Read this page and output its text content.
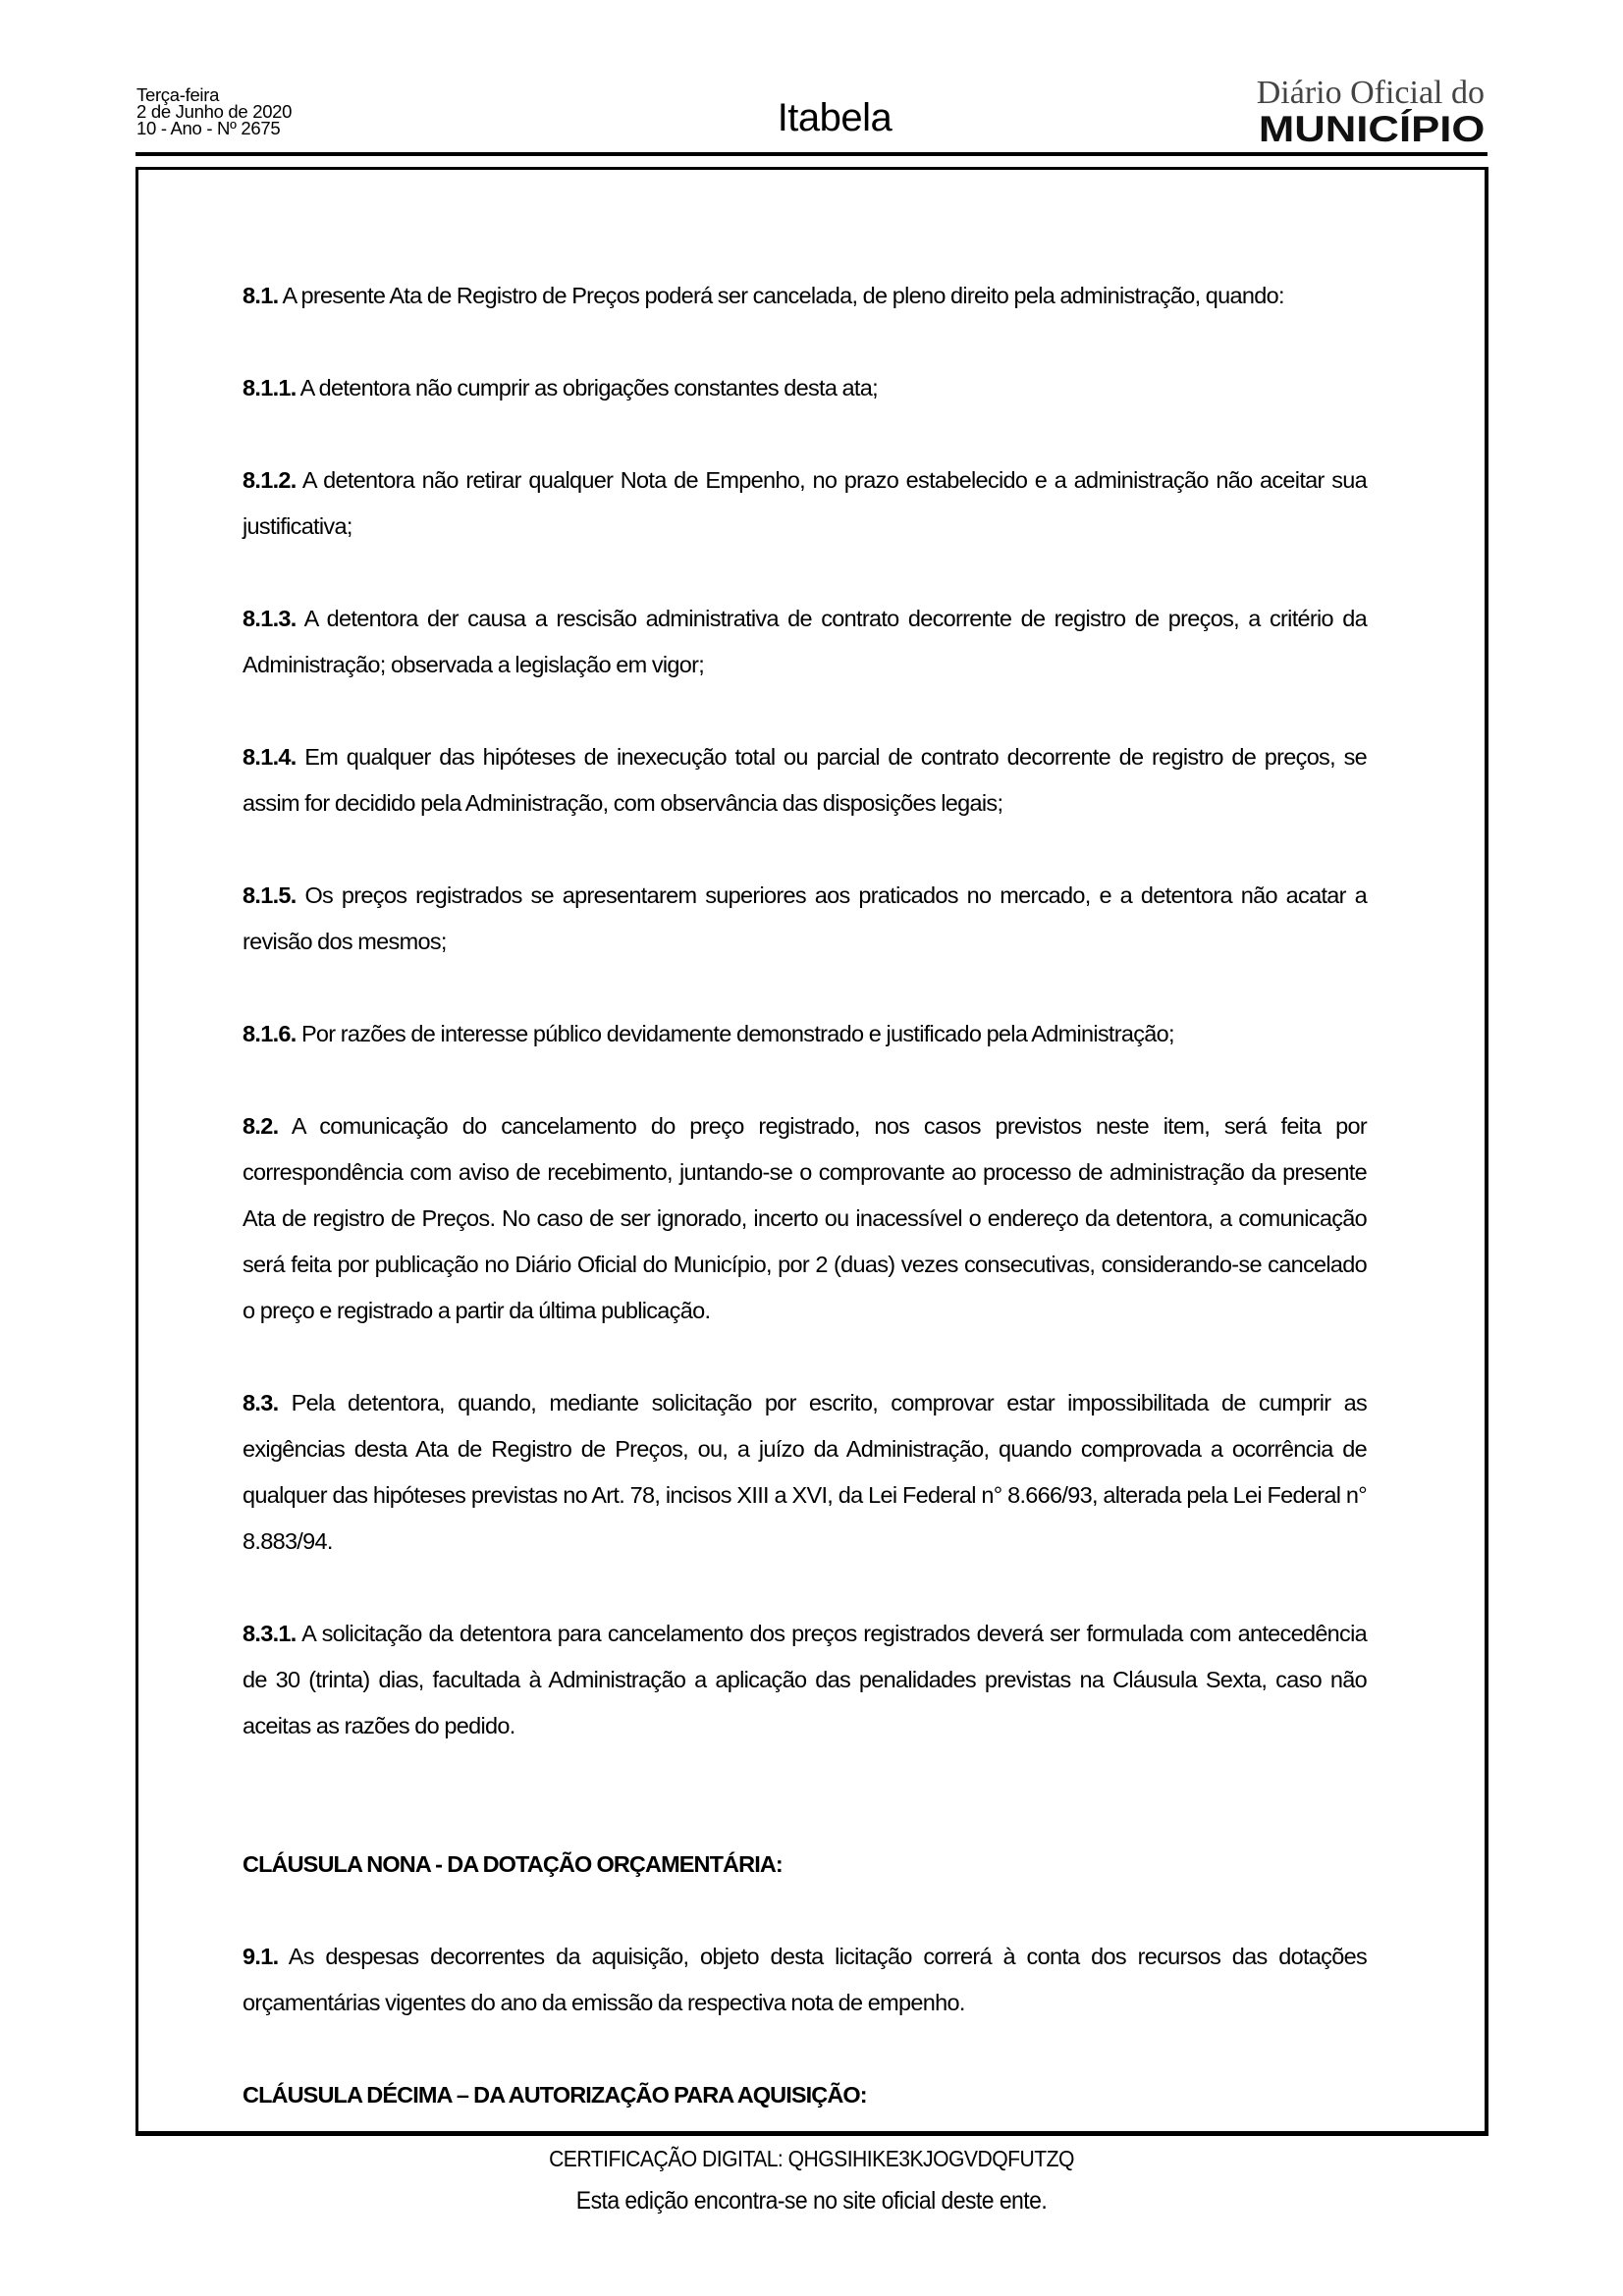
Terça-feira
2 de Junho de 2020
10 - Ano - Nº 2675	Itabela
Diário Oficial do
MUNICÍPIO

8.1. A presente Ata de Registro de Preços poderá ser cancelada, de pleno direito pela administração, quando:

8.1.1. A detentora não cumprir as obrigações constantes desta ata;

8.1.2. A detentora não retirar qualquer Nota de Empenho, no prazo estabelecido e a administração não aceitar sua justificativa;

8.1.3. A detentora der causa a rescisão administrativa de contrato decorrente de registro de preços, a critério da Administração; observada a legislação em vigor;

8.1.4. Em qualquer das hipóteses de inexecução total ou parcial de contrato decorrente de registro de preços, se assim for decidido pela Administração, com observância das disposições legais;

8.1.5. Os preços registrados se apresentarem superiores aos praticados no mercado, e a detentora não acatar a revisão dos mesmos;

8.1.6. Por razões de interesse público devidamente demonstrado e justificado pela Administração;

8.2. A comunicação do cancelamento do preço registrado, nos casos previstos neste item, será feita por correspondência com aviso de recebimento, juntando-se o comprovante ao processo de administração da presente Ata de registro de Preços. No caso de ser ignorado, incerto ou inacessível o endereço da detentora, a comunicação será feita por publicação no Diário Oficial do Município, por 2 (duas) vezes consecutivas, considerando-se cancelado o preço e registrado a partir da última publicação.

8.3. Pela detentora, quando, mediante solicitação por escrito, comprovar estar impossibilitada de cumprir as exigências desta Ata de Registro de Preços, ou, a juízo da Administração, quando comprovada a ocorrência de qualquer das hipóteses previstas no Art. 78, incisos XIII a XVI, da Lei Federal n° 8.666/93, alterada pela Lei Federal n° 8.883/94.

8.3.1. A solicitação da detentora para cancelamento dos preços registrados deverá ser formulada com antecedência de 30 (trinta) dias, facultada à Administração a aplicação das penalidades previstas na Cláusula Sexta, caso não aceitas as razões do pedido.

CLÁUSULA NONA - DA DOTAÇÃO ORÇAMENTÁRIA:

9.1. As despesas decorrentes da aquisição, objeto desta licitação correrá à conta dos recursos das dotações orçamentárias vigentes do ano da emissão da respectiva nota de empenho.

CLÁUSULA DÉCIMA – DA AUTORIZAÇÃO PARA AQUISIÇÃO:
CERTIFICAÇÃO DIGITAL: QHGSIHIKE3KJOGVDQFUTZQ
Esta edição encontra-se no site oficial deste ente.
